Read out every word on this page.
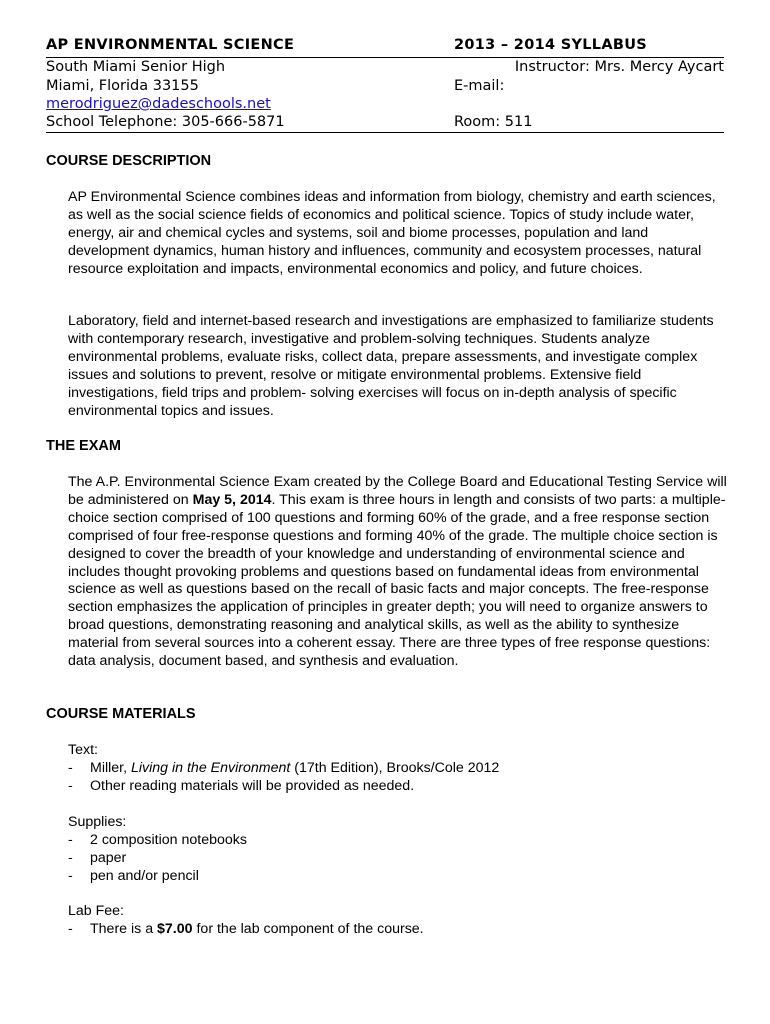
AP ENVIRONMENTAL SCIENCE	2013 – 2014 SYLLABUS
South Miami Senior High	Instructor: Mrs. Mercy Aycart
Miami, Florida 33155	E-mail:
merodriguez@dadeschools.net
School Telephone: 305-666-5871	Room: 511
COURSE DESCRIPTION
AP Environmental Science combines ideas and information from biology, chemistry and earth sciences, as well as the social science fields of economics and political science. Topics of study include water, energy, air and chemical cycles and systems, soil and biome processes, population and land development dynamics, human history and influences, community and ecosystem processes, natural resource exploitation and impacts, environmental economics and policy, and future choices.
Laboratory, field and internet-based research and investigations are emphasized to familiarize students with contemporary research, investigative and problem-solving techniques. Students analyze environmental problems, evaluate risks, collect data, prepare assessments, and investigate complex issues and solutions to prevent, resolve or mitigate environmental problems. Extensive field investigations, field trips and problem- solving exercises will focus on in-depth analysis of specific environmental topics and issues.
THE EXAM
The A.P. Environmental Science Exam created by the College Board and Educational Testing Service will be administered on May 5, 2014. This exam is three hours in length and consists of two parts: a multiple-choice section comprised of 100 questions and forming 60% of the grade, and a free response section comprised of four free-response questions and forming 40% of the grade. The multiple choice section is designed to cover the breadth of your knowledge and understanding of environmental science and includes thought provoking problems and questions based on fundamental ideas from environmental science as well as questions based on the recall of basic facts and major concepts. The free-response section emphasizes the application of principles in greater depth; you will need to organize answers to broad questions, demonstrating reasoning and analytical skills, as well as the ability to synthesize material from several sources into a coherent essay. There are three types of free response questions: data analysis, document based, and synthesis and evaluation.
COURSE MATERIALS
Text:
- Miller, Living in the Environment (17th Edition), Brooks/Cole 2012
- Other reading materials will be provided as needed.
Supplies:
- 2 composition notebooks
- paper
- pen and/or pencil
Lab Fee:
- There is a $7.00 for the lab component of the course.
